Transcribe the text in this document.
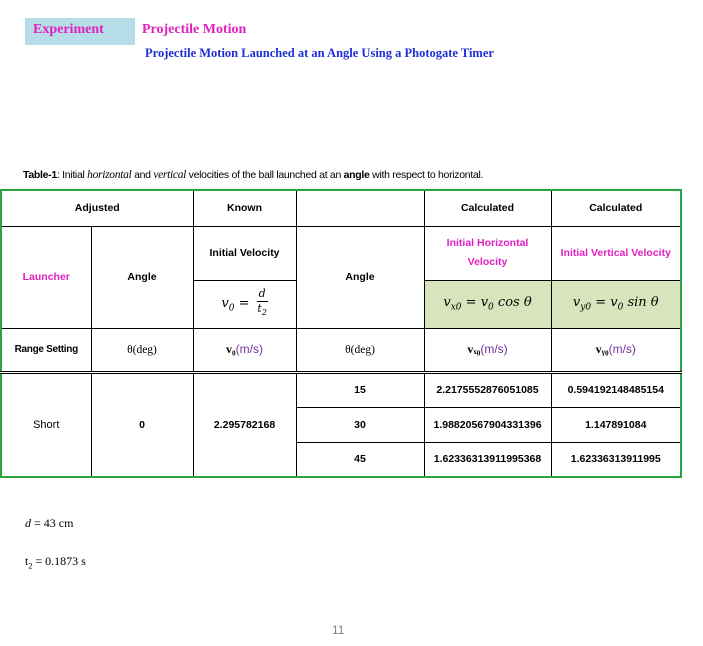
Experiment	Projectile Motion
Projectile Motion Launched at an Angle Using a Photogate Timer
Table-1: Initial horizontal and vertical velocities of the ball launched at an angle with respect to horizontal.
Adjusted		Known		Calculated	Calculated
Launcher	Angle	Initial Velocity	Angle	Initial Horizontal Velocity	Initial Vertical Velocity
		$v_0 = \frac{d}{t_2}$		$v_{x0} = v_0$ cos θ	$v_{y0} = v_0$ sin θ
Range Setting	θ(deg)	v₀(m/s)	θ(deg)	vₓ₀(m/s)	vᵧ₀(m/s)
Short	0	2.295782168	15	2.2175552876051085	0.594192148485154
			30	1.98820567904331396	1.147891084
			45	1.62336313911995368	1.62336313911995
d = 43 cm
$t_2 = 0.1873$ s
11
